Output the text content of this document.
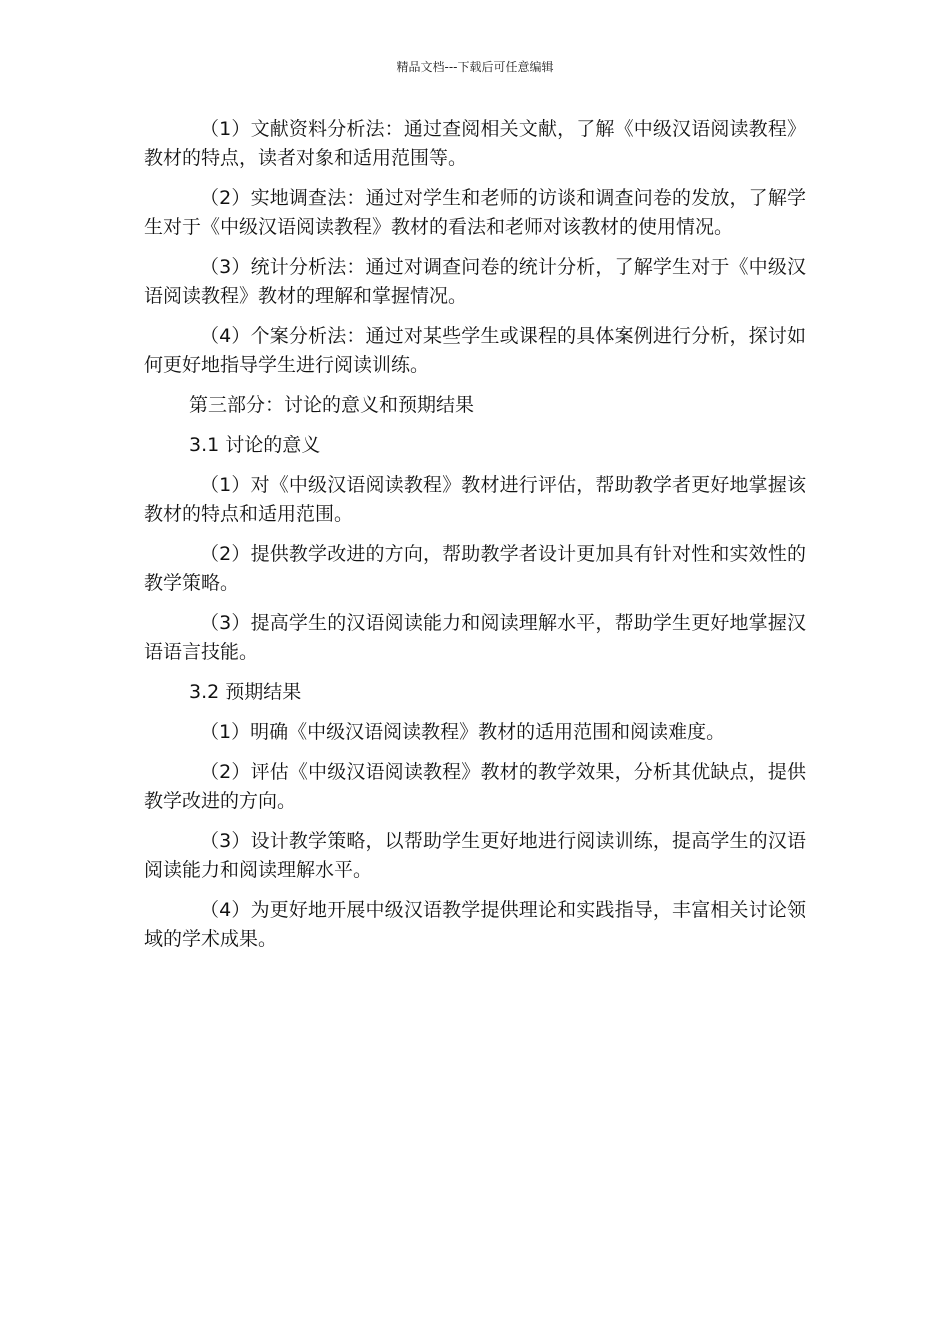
精品文档---下载后可任意编辑

（1）文献资料分析法：通过查阅相关文献，了解《中级汉语阅读教程》教材的特点，读者对象和适用范围等。

（2）实地调查法：通过对学生和老师的访谈和调查问卷的发放，了解学生对于《中级汉语阅读教程》教材的看法和老师对该教材的使用情况。

（3）统计分析法：通过对调查问卷的统计分析，了解学生对于《中级汉语阅读教程》教材的理解和掌握情况。

（4）个案分析法：通过对某些学生或课程的具体案例进行分析，探讨如何更好地指导学生进行阅读训练。

第三部分：讨论的意义和预期结果

3.1 讨论的意义

（1）对《中级汉语阅读教程》教材进行评估，帮助教学者更好地掌握该教材的特点和适用范围。

（2）提供教学改进的方向，帮助教学者设计更加具有针对性和实效性的教学策略。

（3）提高学生的汉语阅读能力和阅读理解水平，帮助学生更好地掌握汉语语言技能。

3.2 预期结果

（1）明确《中级汉语阅读教程》教材的适用范围和阅读难度。

（2）评估《中级汉语阅读教程》教材的教学效果，分析其优缺点，提供教学改进的方向。

（3）设计教学策略，以帮助学生更好地进行阅读训练，提高学生的汉语阅读能力和阅读理解水平。

（4）为更好地开展中级汉语教学提供理论和实践指导，丰富相关讨论领域的学术成果。
